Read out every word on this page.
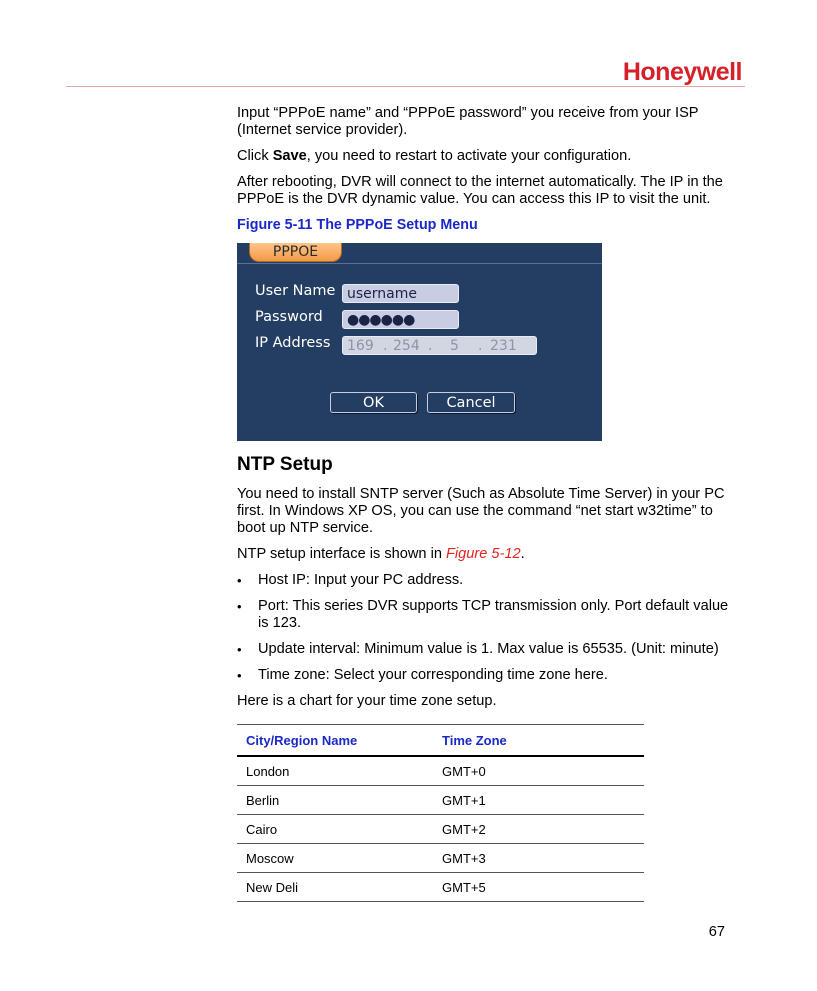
Honeywell

Input “PPPoE name” and “PPPoE password” you receive from your ISP (Internet service provider).

Click Save, you need to restart to activate your configuration.

After rebooting, DVR will connect to the internet automatically. The IP in the PPPoE is the DVR dynamic value. You can access this IP to visit the unit.

Figure 5-11 The PPPoE Setup Menu

PPPOE
User Name username
Password	●●●●●●
IP Address 169 . 254 .	5	. 231
OK	Cancel
NTP Setup

You need to install SNTP server (Such as Absolute Time Server) in your PC first. In Windows XP OS, you can use the command “net start w32time” to boot up NTP service.

NTP setup interface is shown in Figure 5-12.

• Host IP: Input your PC address.
• Port: This series DVR supports TCP transmission only. Port default value is 123.
• Update interval: Minimum value is 1. Max value is 65535. (Unit: minute)
• Time zone: Select your corresponding time zone here.

Here is a chart for your time zone setup.

City/Region Name	Time Zone
London	GMT+0
Berlin	GMT+1
Cairo	GMT+2
Moscow	GMT+3
New Deli	GMT+5
67
